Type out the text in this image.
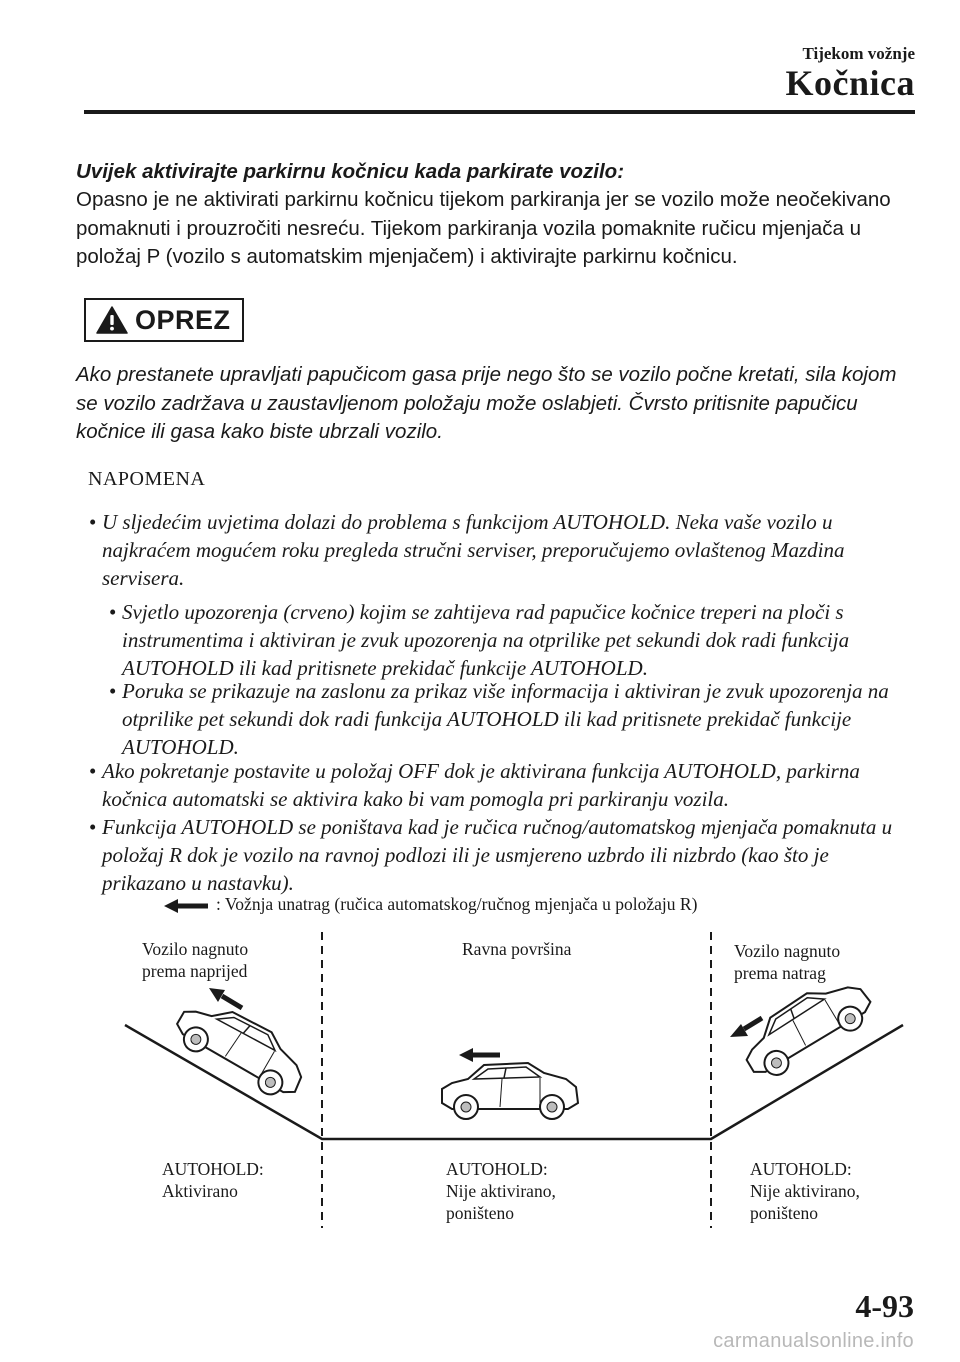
Tijekom vožnje
Kočnica
Uvijek aktivirajte parkirnu kočnicu kada parkirate vozilo:
Opasno je ne aktivirati parkirnu kočnicu tijekom parkiranja jer se vozilo može neočekivano pomaknuti i prouzročiti nesreću. Tijekom parkiranja vozila pomaknite ručicu mjenjača u položaj P (vozilo s automatskim mjenjačem) i aktivirajte parkirnu kočnicu.
OPREZ
Ako prestanete upravljati papučicom gasa prije nego što se vozilo počne kretati, sila kojom se vozilo zadržava u zaustavljenom položaju može oslabjeti. Čvrsto pritisnite papučicu kočnice ili gasa kako biste ubrzali vozilo.
NAPOMENA
• U sljedećim uvjetima dolazi do problema s funkcijom AUTOHOLD. Neka vaše vozilo u najkraćem mogućem roku pregleda stručni serviser, preporučujemo ovlaštenog Mazdina servisera.
• Svjetlo upozorenja (crveno) kojim se zahtijeva rad papučice kočnice treperi na ploči s instrumentima i aktiviran je zvuk upozorenja na otprilike pet sekundi dok radi funkcija AUTOHOLD ili kad pritisnete prekidač funkcije AUTOHOLD.
• Poruka se prikazuje na zaslonu za prikaz više informacija i aktiviran je zvuk upozorenja na otprilike pet sekundi dok radi funkcija AUTOHOLD ili kad pritisnete prekidač funkcije AUTOHOLD.
• Ako pokretanje postavite u položaj OFF dok je aktivirana funkcija AUTOHOLD, parkirna kočnica automatski se aktivira kako bi vam pomogla pri parkiranju vozila.
• Funkcija AUTOHOLD se poništava kad je ručica ručnog/automatskog mjenjača pomaknuta u položaj R dok je vozilo na ravnoj podlozi ili je usmjereno uzbrdo ili nizbrdo (kao što je prikazano u nastavku).
: Vožnja unatrag (ručica automatskog/ručnog mjenjača u položaju R)
Vozilo nagnuto prema naprijed
Ravna površina	Vozilo nagnuto prema natrag
AUTOHOLD:
Aktivirano
AUTOHOLD:
Nije aktivirano,
poništeno
AUTOHOLD:
Nije aktivirano,
poništeno
4-93
carmanualsonline.info
